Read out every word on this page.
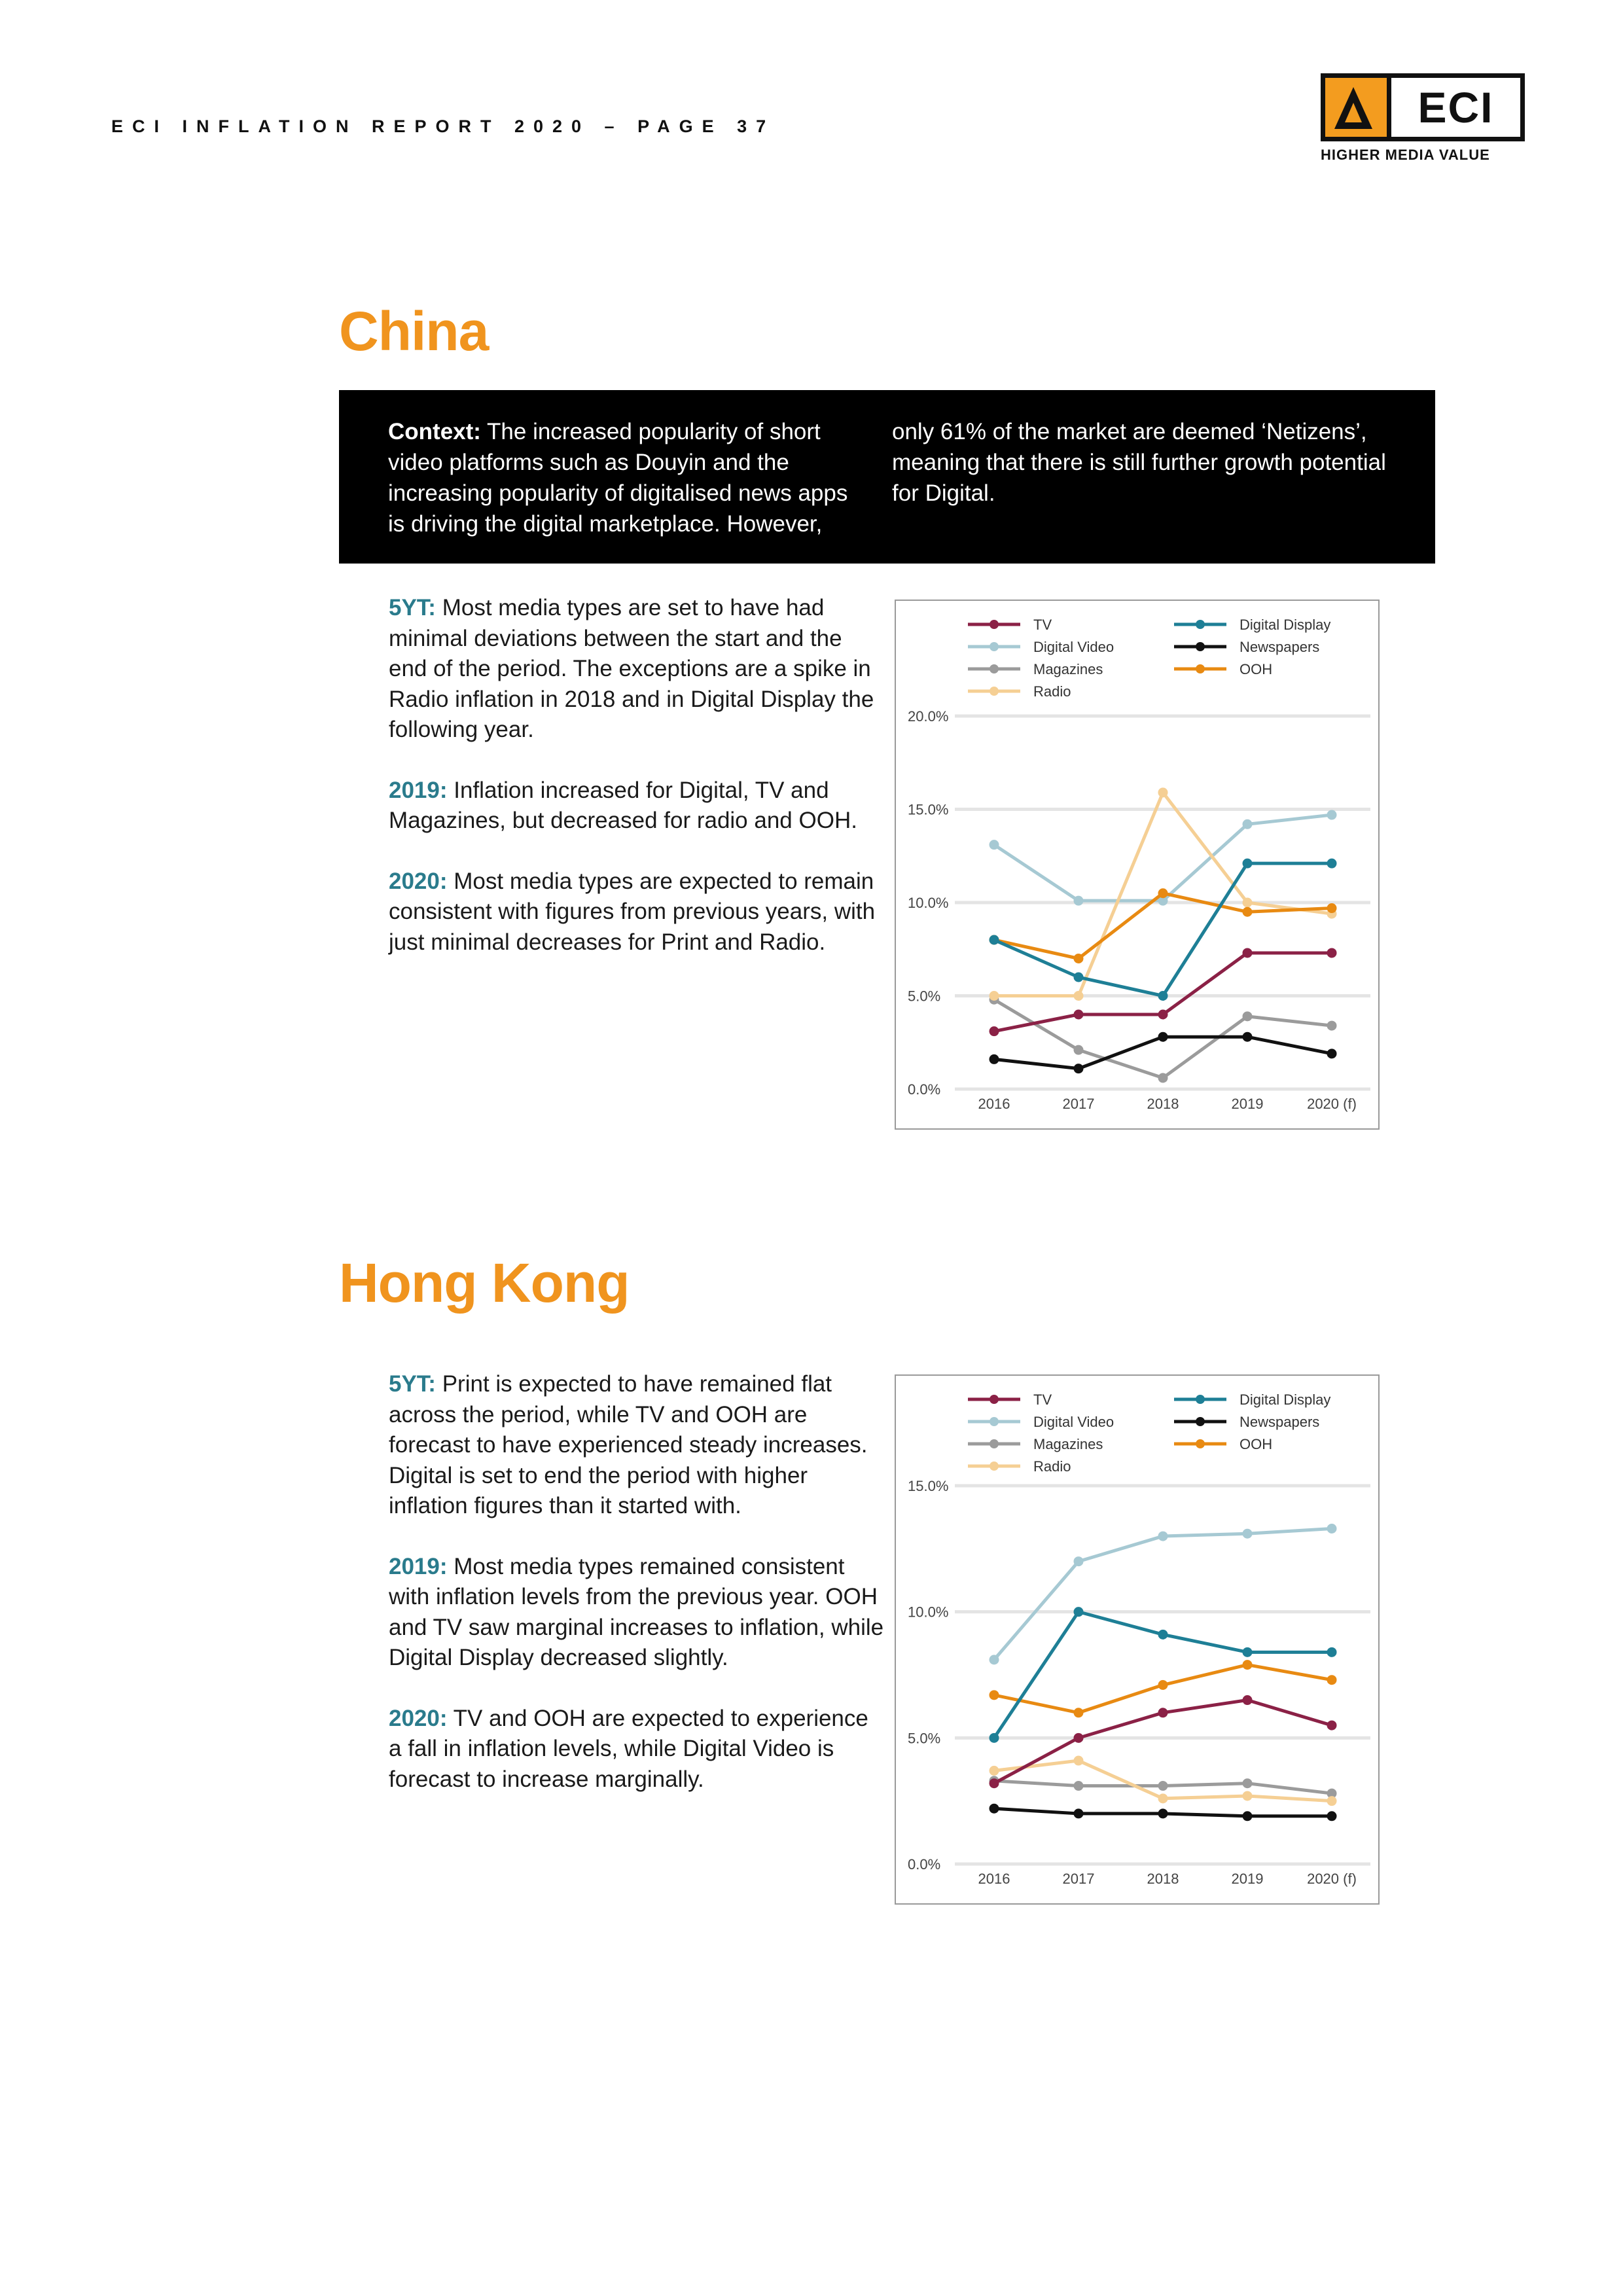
ECI INFLATION REPORT 2020 – PAGE 37	ECI
HIGHER MEDIA VALUE
China
Context: The increased popularity of short video platforms such as Douyin and the increasing popularity of digitalised news apps is driving the digital marketplace. However,
only 61% of the market are deemed ‘Netizens’, meaning that there is still further growth potential for Digital.

5YT: Most media types are set to have had minimal deviations between the start and the end of the period. The exceptions are a spike in Radio inflation in 2018 and in Digital Display the following year.

2019: Inflation increased for Digital, TV and Magazines, but decreased for radio and OOH.

2020: Most media types are expected to remain consistent with figures from previous years, with just minimal decreases for Print and Radio.

TV	Digital Display
Digital Video	Newspapers
Magazines	OOH
Radio
0.0%
5.0%
10.0%
15.0%
20.0%
2016	2017	2018	2019	2020 (f)
Hong Kong

5YT: Print is expected to have remained flat across the period, while TV and OOH are forecast to have experienced steady increases. Digital is set to end the period with higher inflation figures than it started with.

2019: Most media types remained consistent with inflation levels from the previous year. OOH and TV saw marginal increases to inflation, while Digital Display decreased slightly.

2020: TV and OOH are expected to experience a fall in inflation levels, while Digital Video is forecast to increase marginally.

TV	Digital Display
Digital Video	Newspapers
Magazines	OOH
Radio
0.0%
5.0%
10.0%
15.0%
2016	2017	2018	2019	2020 (f)
